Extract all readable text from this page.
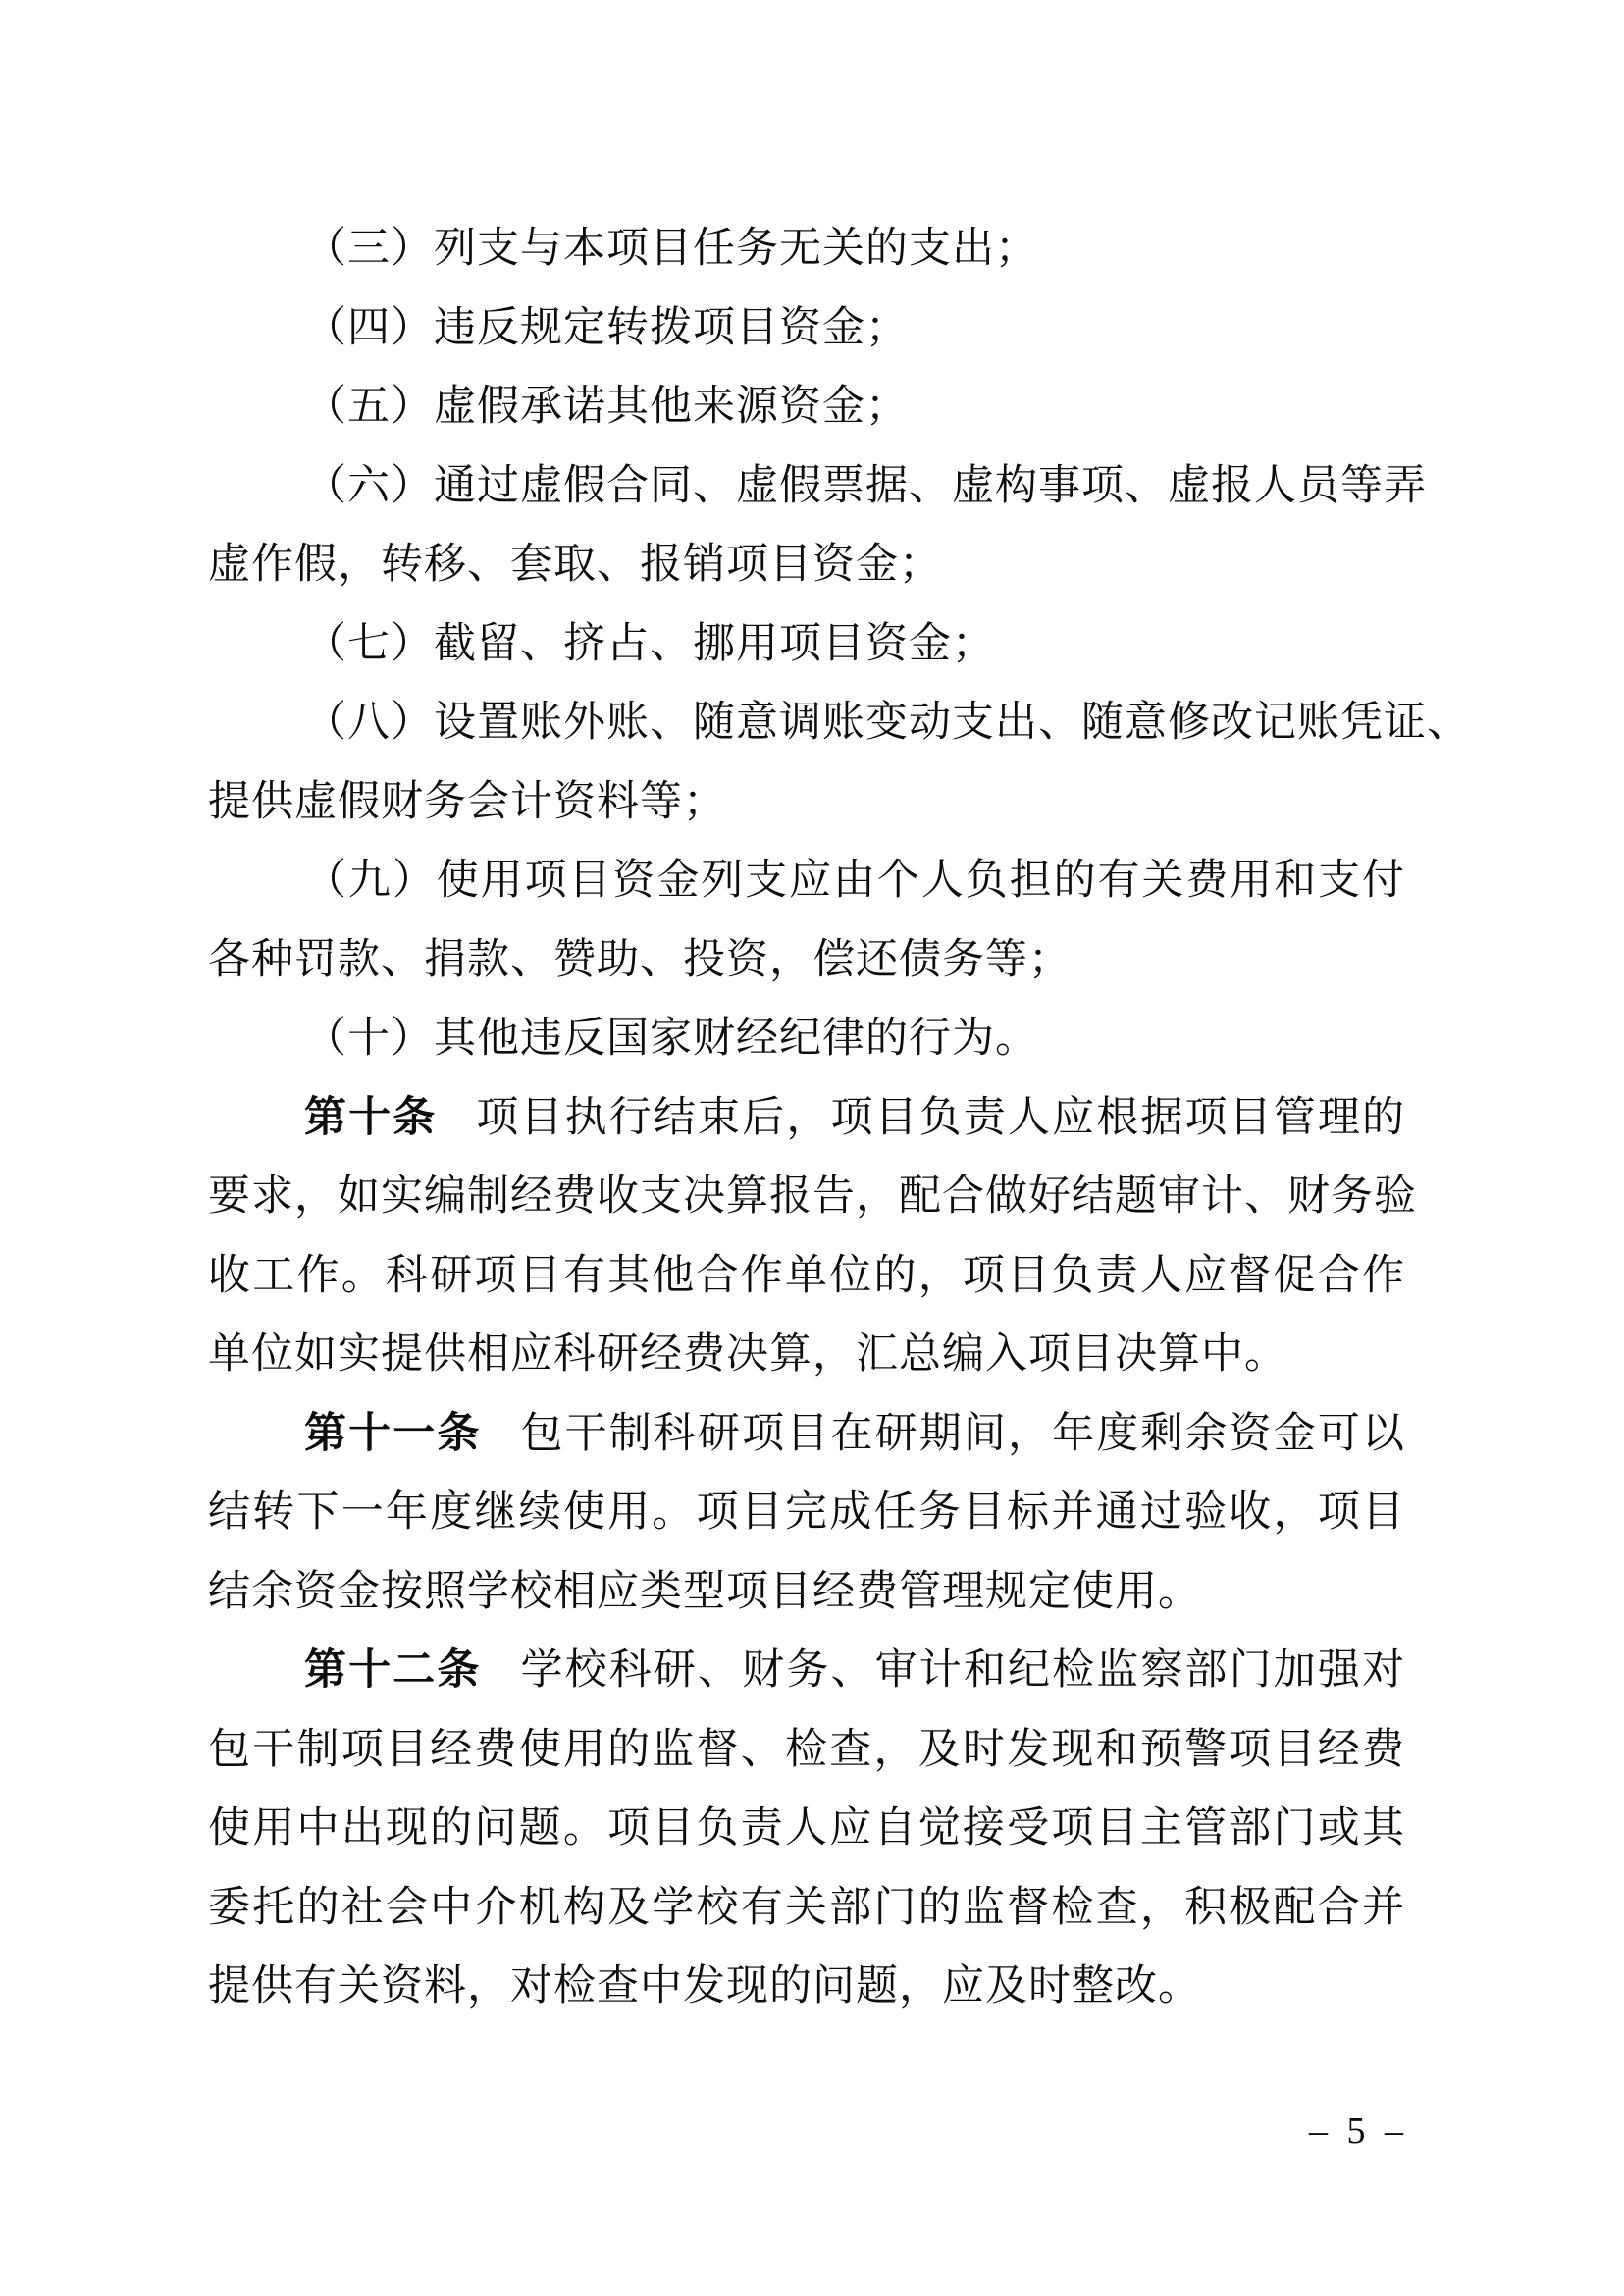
（三）列支与本项目任务无关的支出；
（四）违反规定转拨项目资金；
（五）虚假承诺其他来源资金；
（六）通过虚假合同、虚假票据、虚构事项、虚报人员等弄
虚作假，转移、套取、报销项目资金；
（七）截留、挤占、挪用项目资金；
（八）设置账外账、随意调账变动支出、随意修改记账凭证、
提供虚假财务会计资料等；
（九）使用项目资金列支应由个人负担的有关费用和支付
各种罚款、捐款、赞助、投资，偿还债务等；
（十）其他违反国家财经纪律的行为。
第十条 项目执行结束后，项目负责人应根据项目管理的
要求，如实编制经费收支决算报告，配合做好结题审计、财务验
收工作。科研项目有其他合作单位的，项目负责人应督促合作
单位如实提供相应科研经费决算，汇总编入项目决算中。
第十一条 包干制科研项目在研期间，年度剩余资金可以
结转下一年度继续使用。项目完成任务目标并通过验收，项目
结余资金按照学校相应类型项目经费管理规定使用。
第十二条 学校科研、财务、审计和纪检监察部门加强对
包干制项目经费使用的监督、检查，及时发现和预警项目经费
使用中出现的问题。项目负责人应自觉接受项目主管部门或其
委托的社会中介机构及学校有关部门的监督检查，积极配合并
提供有关资料，对检查中发现的问题，应及时整改。
– 5 –
